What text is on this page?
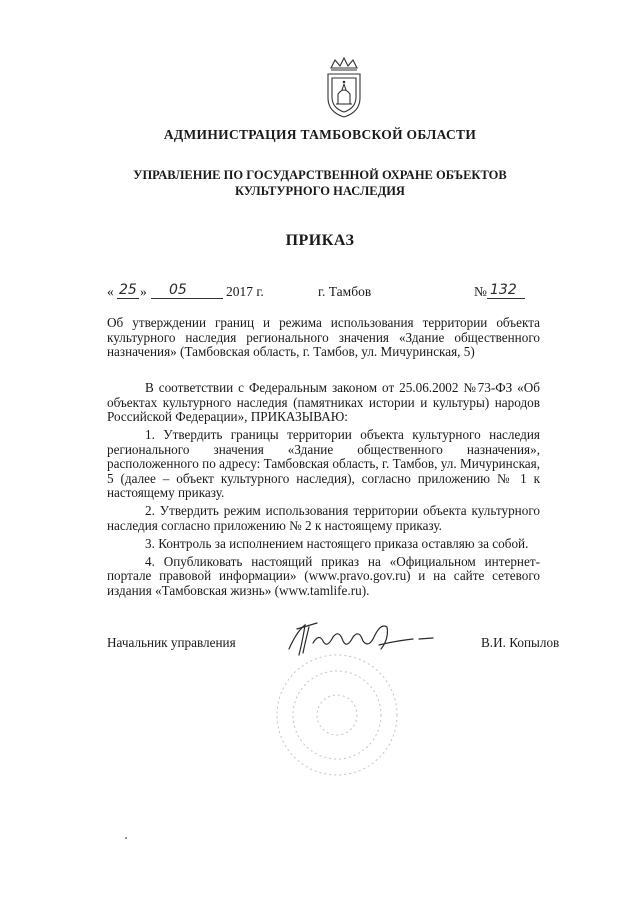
АДМИНИСТРАЦИЯ ТАМБОВСКОЙ ОБЛАСТИ
УПРАВЛЕНИЕ ПО ГОСУДАРСТВЕННОЙ ОХРАНЕ ОБЪЕКТОВ
КУЛЬТУРНОГО НАСЛЕДИЯ
ПРИКАЗ
« 25 » 05	2017 г.	г. Тамбов	№ 132
Об утверждении границ и режима использования территории объекта культурного наследия регионального значения «Здание общественного назначения» (Тамбовская область, г. Тамбов, ул. Мичуринская, 5)

В соответствии с Федеральным законом от 25.06.2002 №73-ФЗ «Об объектах культурного наследия (памятниках истории и культуры) народов Российской Федерации», ПРИКАЗЫВАЮ:

1. Утвердить границы территории объекта культурного наследия регионального значения «Здание общественного назначения», расположенного по адресу: Тамбовская область, г. Тамбов, ул. Мичуринская, 5 (далее – объект культурного наследия), согласно приложению № 1 к настоящему приказу.

2. Утвердить режим использования территории объекта культурного наследия согласно приложению № 2 к настоящему приказу.

3. Контроль за исполнением настоящего приказа оставляю за собой.

4. Опубликовать настоящий приказ на «Официальном интернет-портале правовой информации» (www.pravo.gov.ru) и на сайте сетевого издания «Тамбовская жизнь» (www.tamlife.ru).

Начальник управления	В.И. Копылов
